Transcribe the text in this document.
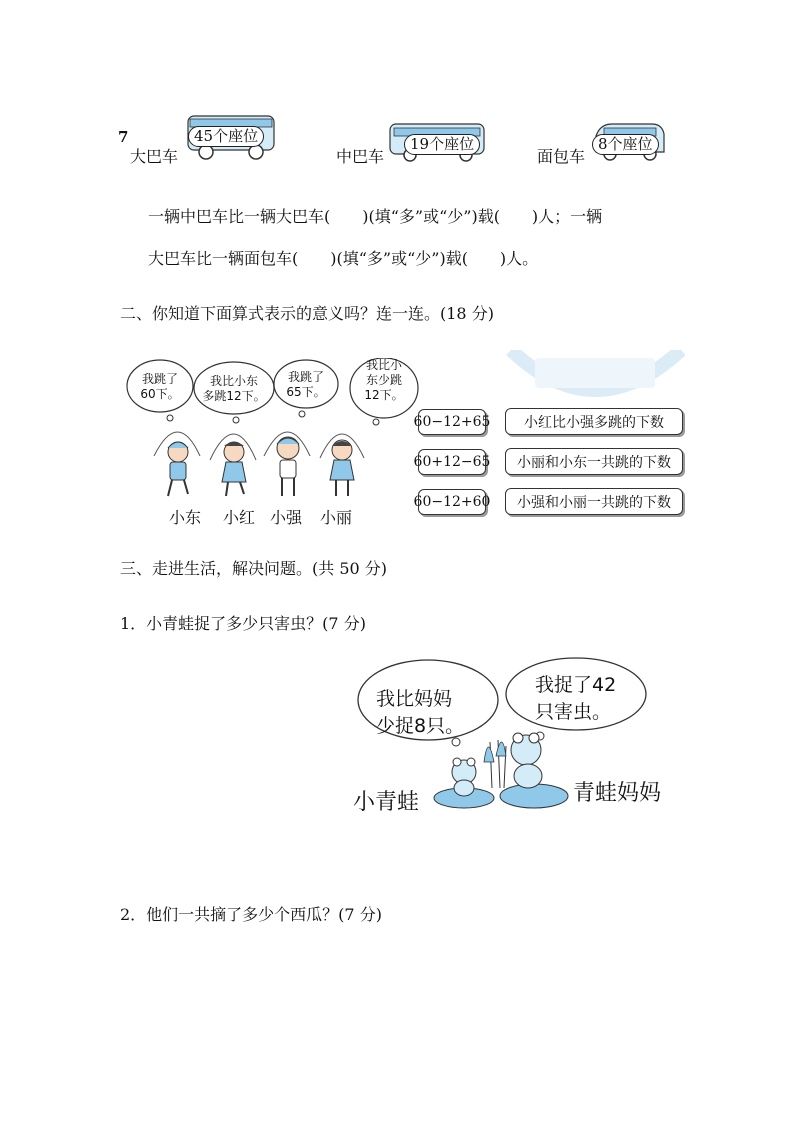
7	45个座位
大巴车
19个座位
中巴车
8个座位
面包车
一辆中巴车比一辆大巴车(　　)(填“多”或“少”)载(　　)人；一辆
大巴车比一辆面包车(　　)(填“多”或“少”)载(　　)人。
二、你知道下面算式表示的意义吗？连一连。(18 分)
我跳了
60下。
我比小东
多跳12下。
我跳了
65下。
我比小
东少跳
12下。
小东 小红 小强 小丽
60−12+65
60+12−65
60−12+60
小红比小强多跳的下数
小丽和小东一共跳的下数
小强和小丽一共跳的下数
三、走进生活，解决问题。(共 50 分)
1．小青蛙捉了多少只害虫？(7 分)
我比妈妈
少捉8只。
我捉了42
只害虫。
小青蛙	青蛙妈妈
2．他们一共摘了多少个西瓜？(7 分)
